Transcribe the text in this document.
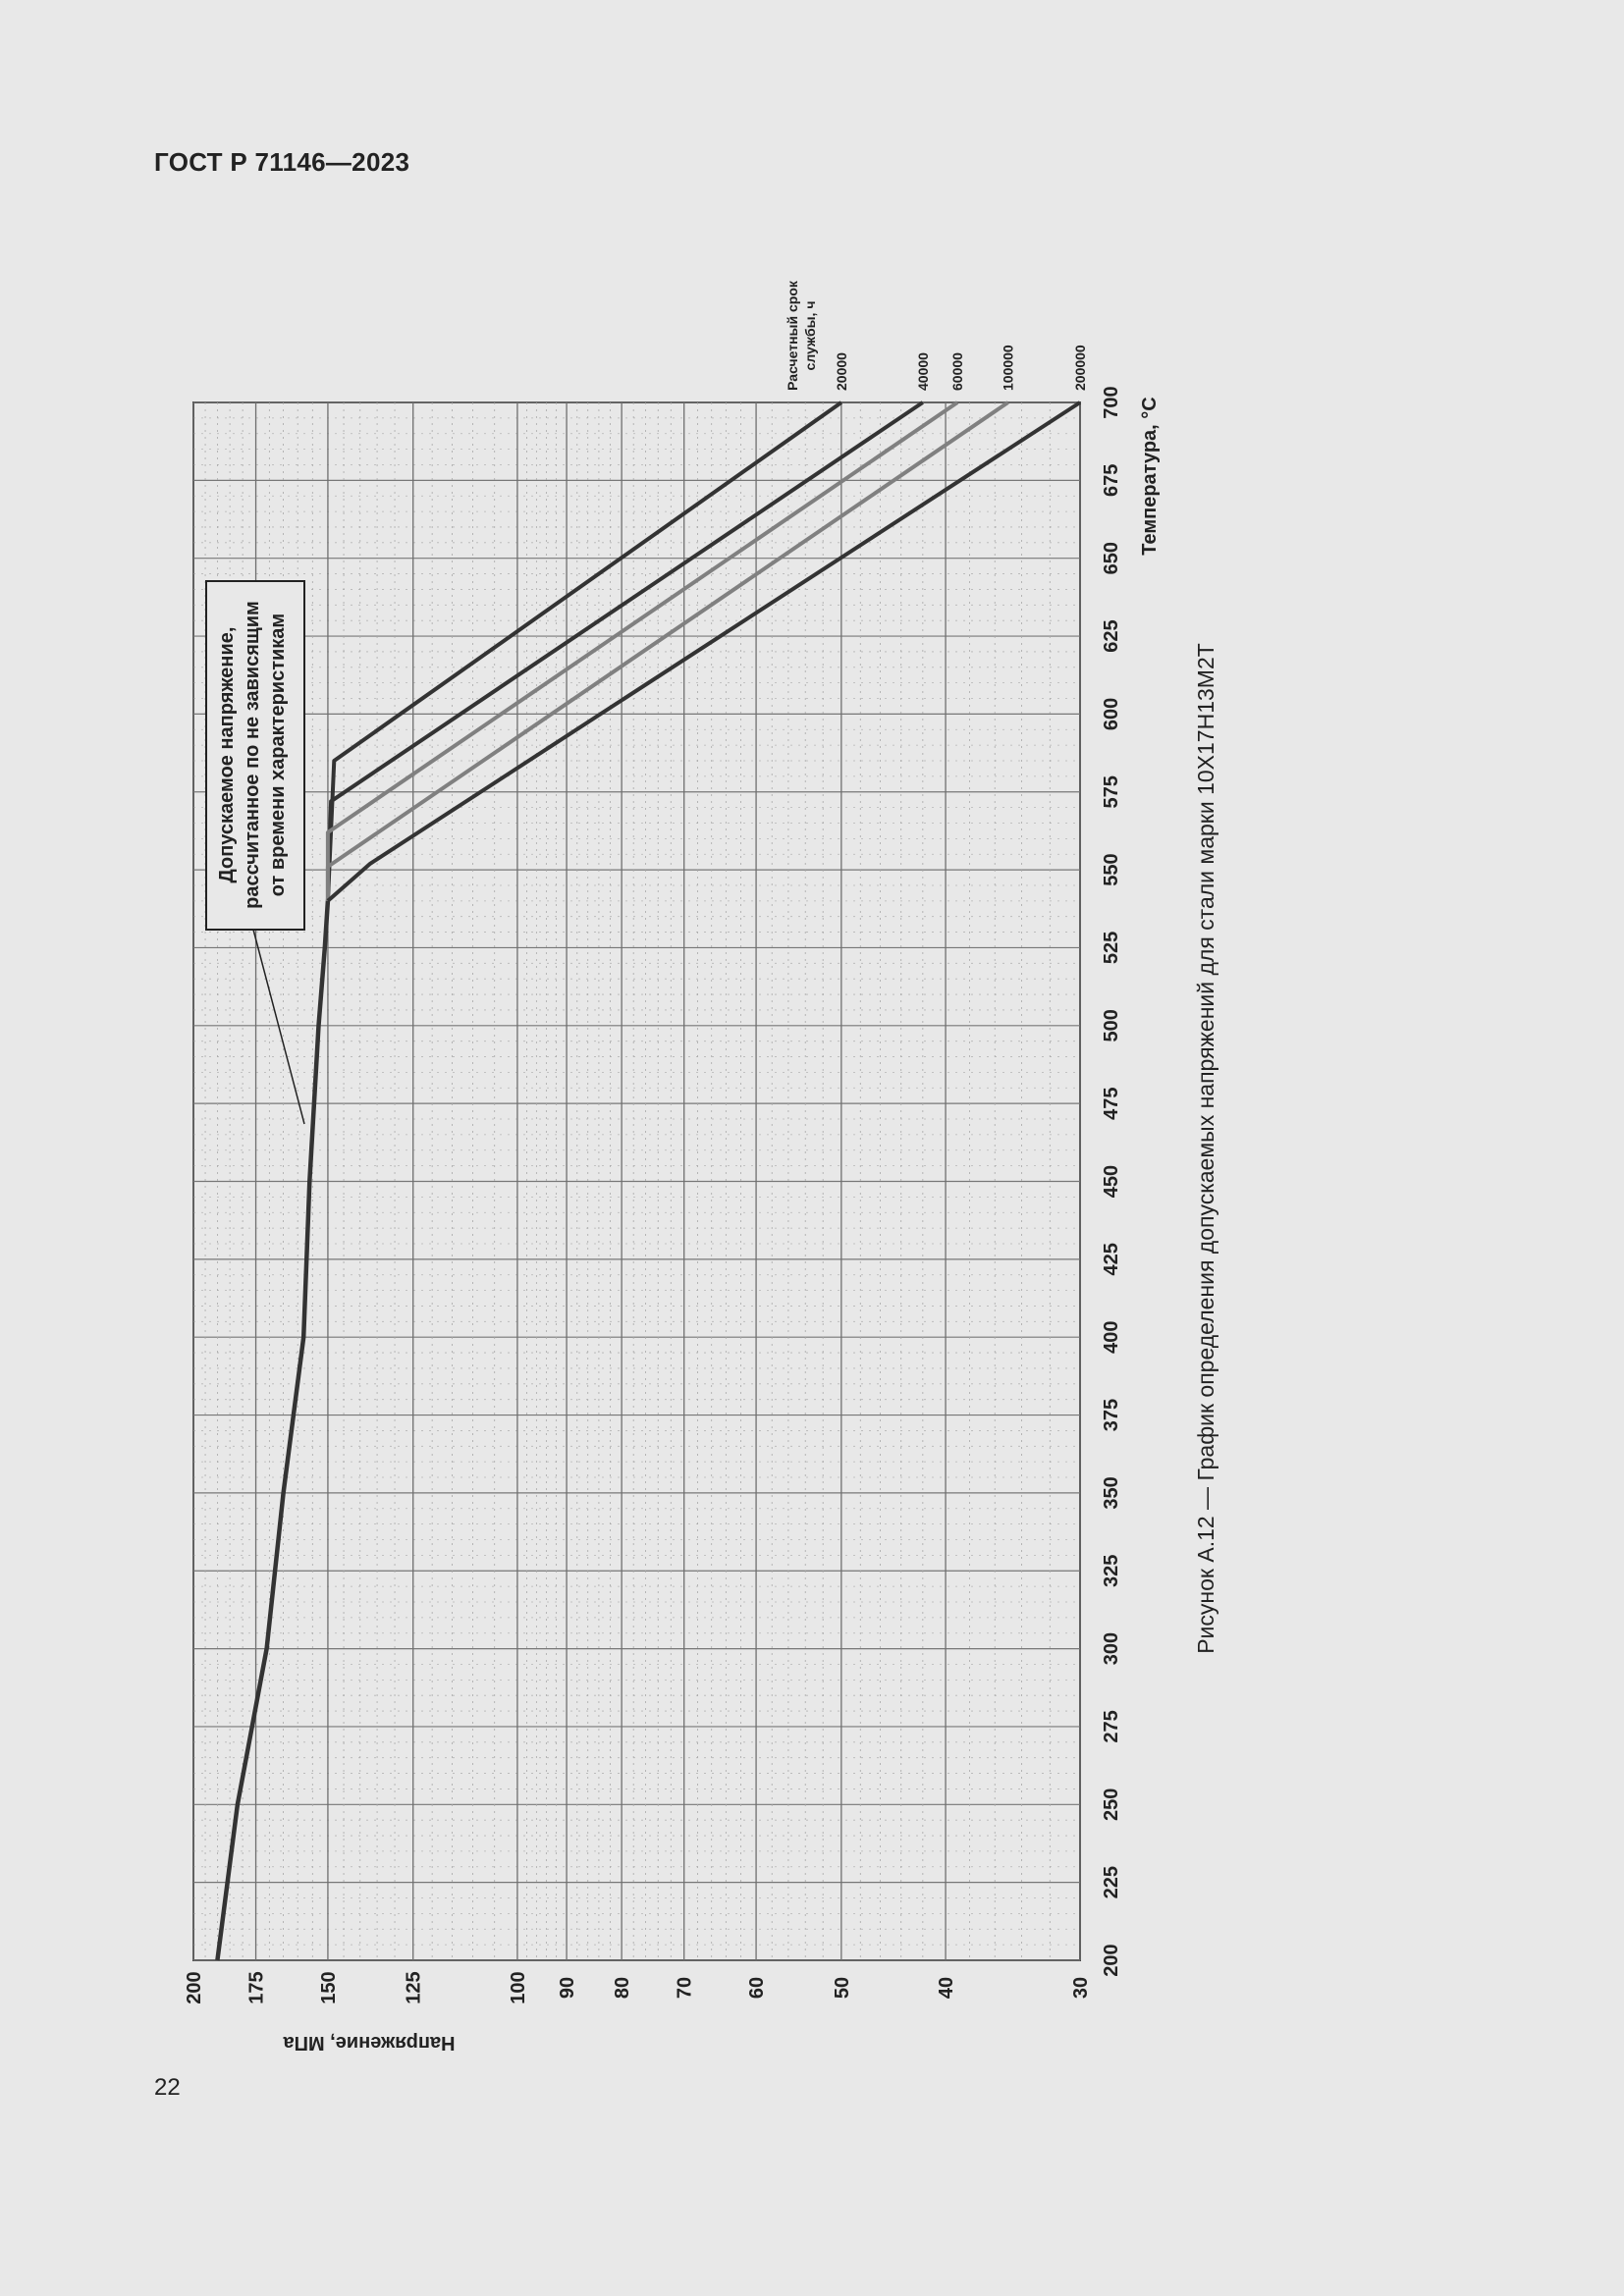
ГОСТ Р 71146—2023
200
225
250
275
300
325
350
375
400
425
450
475
500
525
550
575
600
625
650
675
700
200 175	150	125	100 90 80 70	60	50	40	30
20000	40000 60000	100000	200000
Допускаемое напряжение, рассчитанное по не зависящим от времени характеристикам
Температура, °С
Напряжение, МПа
Расчетный срок службы, ч
Рисунок А.12 — График определения допускаемых напряжений для стали марки 10Х17Н13М2Т
22
